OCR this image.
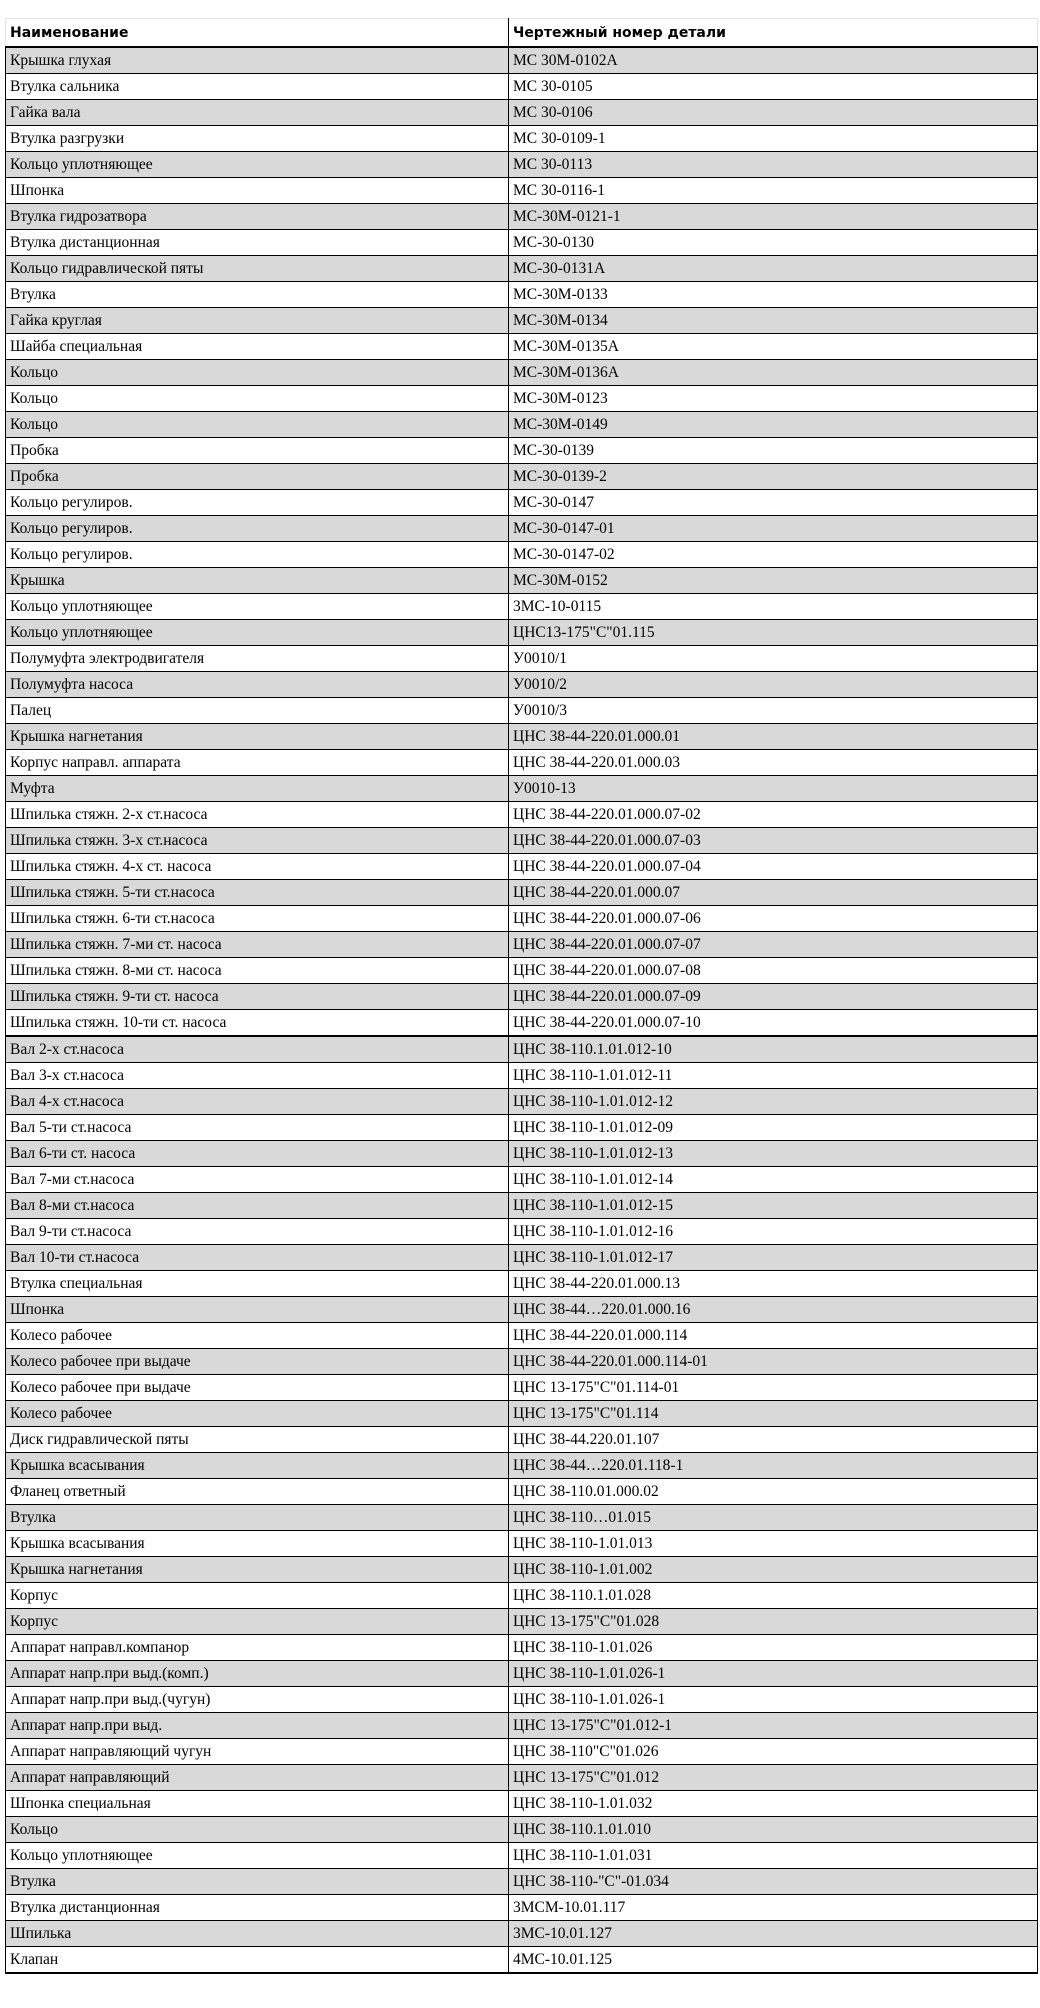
Наименование	Чертежный номер детали
Крышка глухая	МС 30М-0102А
Втулка сальника	МС 30-0105
Гайка вала	МС 30-0106
Втулка разгрузки	МС 30-0109-1
Кольцо уплотняющее	МС 30-0113
Шпонка	МС 30-0116-1
Втулка гидрозатвора	МС-30М-0121-1
Втулка дистанционная	МС-30-0130
Кольцо гидравлической пяты	МС-30-0131А
Втулка	МС-30М-0133
Гайка круглая	МС-30М-0134
Шайба специальная	МС-30М-0135А
Кольцо	МС-30М-0136А
Кольцо	МС-30М-0123
Кольцо	МС-30М-0149
Пробка	МС-30-0139
Пробка	МС-30-0139-2
Кольцо регулиров.	МС-30-0147
Кольцо регулиров.	МС-30-0147-01
Кольцо регулиров.	МС-30-0147-02
Крышка	МС-30М-0152
Кольцо уплотняющее	3МС-10-0115
Кольцо уплотняющее	ЦНС13-175"С"01.115
Полумуфта электродвигателя	У0010/1
Полумуфта насоса	У0010/2
Палец	У0010/3
Крышка нагнетания	ЦНС 38-44-220.01.000.01
Корпус направл. аппарата	ЦНС 38-44-220.01.000.03
Муфта	У0010-13
Шпилька стяжн. 2-х ст.насоса	ЦНС 38-44-220.01.000.07-02
Шпилька стяжн. 3-х ст.насоса	ЦНС 38-44-220.01.000.07-03
Шпилька стяжн. 4-х ст. насоса	ЦНС 38-44-220.01.000.07-04
Шпилька стяжн. 5-ти ст.насоса	ЦНС 38-44-220.01.000.07
Шпилька стяжн. 6-ти ст.насоса	ЦНС 38-44-220.01.000.07-06
Шпилька стяжн. 7-ми ст. насоса	ЦНС 38-44-220.01.000.07-07
Шпилька стяжн. 8-ми ст. насоса	ЦНС 38-44-220.01.000.07-08
Шпилька стяжн. 9-ти ст. насоса	ЦНС 38-44-220.01.000.07-09
Шпилька стяжн. 10-ти ст. насоса	ЦНС 38-44-220.01.000.07-10
Вал 2-х ст.насоса	ЦНС 38-110.1.01.012-10
Вал 3-х ст.насоса	ЦНС 38-110-1.01.012-11
Вал 4-х ст.насоса	ЦНС 38-110-1.01.012-12
Вал 5-ти ст.насоса	ЦНС 38-110-1.01.012-09
Вал 6-ти ст. насоса	ЦНС 38-110-1.01.012-13
Вал 7-ми ст.насоса	ЦНС 38-110-1.01.012-14
Вал 8-ми ст.насоса	ЦНС 38-110-1.01.012-15
Вал 9-ти ст.насоса	ЦНС 38-110-1.01.012-16
Вал 10-ти ст.насоса	ЦНС 38-110-1.01.012-17
Втулка специальная	ЦНС 38-44-220.01.000.13
Шпонка	ЦНС 38-44…220.01.000.16
Колесо рабочее	ЦНС 38-44-220.01.000.114
Колесо рабочее при выдаче	ЦНС 38-44-220.01.000.114-01
Колесо рабочее при выдаче	ЦНС 13-175"С"01.114-01
Колесо рабочее	ЦНС 13-175"С"01.114
Диск гидравлической пяты	ЦНС 38-44.220.01.107
Крышка всасывания	ЦНС 38-44…220.01.118-1
Фланец ответный	ЦНС 38-110.01.000.02
Втулка	ЦНС 38-110…01.015
Крышка всасывания	ЦНС 38-110-1.01.013
Крышка нагнетания	ЦНС 38-110-1.01.002
Корпус	ЦНС 38-110.1.01.028
Корпус	ЦНС 13-175"С"01.028
Аппарат направл.компанор	ЦНС 38-110-1.01.026
Аппарат напр.при выд.(комп.)	ЦНС 38-110-1.01.026-1
Аппарат напр.при выд.(чугун)	ЦНС 38-110-1.01.026-1
Аппарат напр.при выд.	ЦНС 13-175"С"01.012-1
Аппарат направляющий чугун	ЦНС 38-110"С"01.026
Аппарат направляющий	ЦНС 13-175"С"01.012
Шпонка специальная	ЦНС 38-110-1.01.032
Кольцо	ЦНС 38-110.1.01.010
Кольцо уплотняющее	ЦНС 38-110-1.01.031
Втулка	ЦНС 38-110-"С"-01.034
Втулка дистанционная	3МСМ-10.01.117
Шпилька	3МС-10.01.127
Клапан	4МС-10.01.125
